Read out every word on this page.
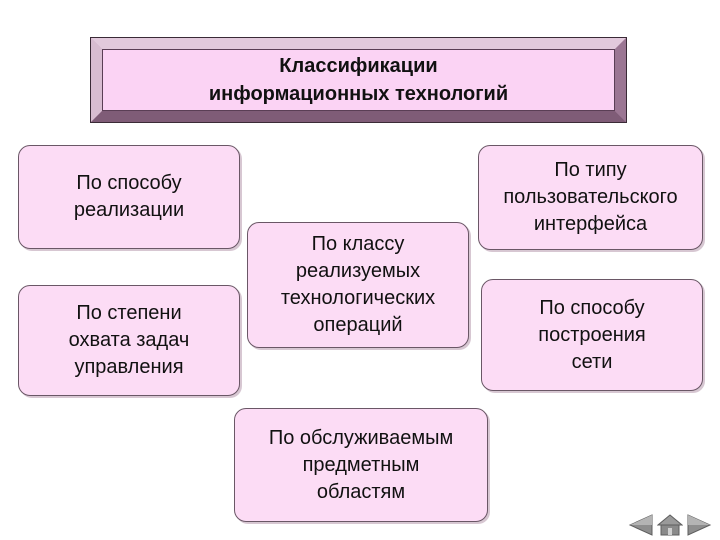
Классификации
информационных технологий
По способу
реализации
По степени
охвата задач
управления
По классу
реализуемых
технологических
операций
По обслуживаемым
предметным
областям
По типу
пользовательского
интерфейса
По способу
построения
сети
